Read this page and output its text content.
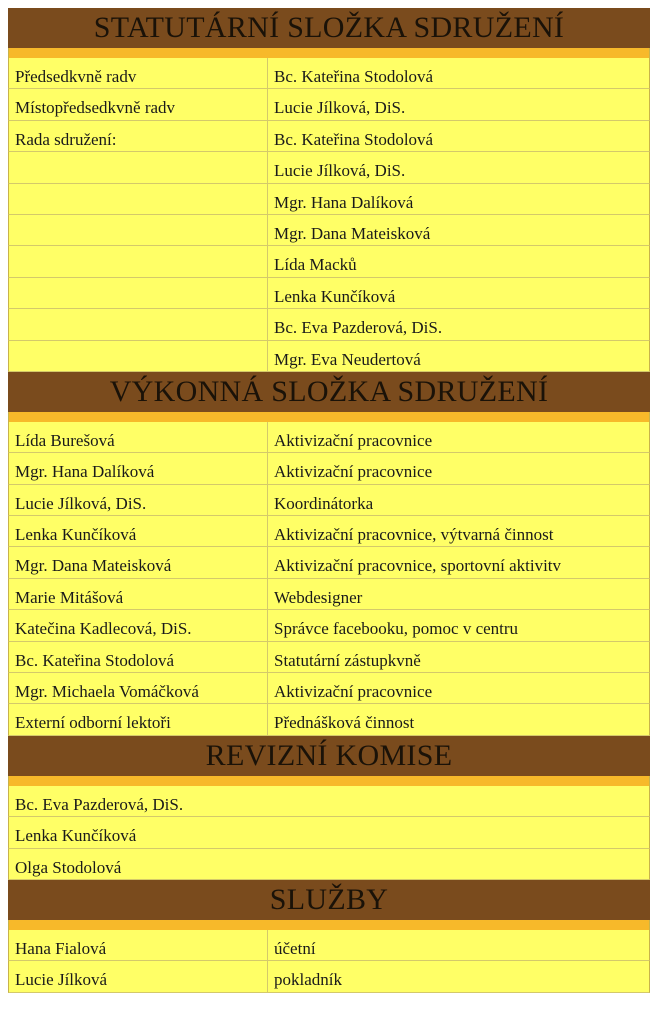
STATUTÁRNÍ SLOŽKA SDRUŽENÍ
Předsedkvně radv	Bc. Kateřina Stodolová
Místopředsedkvně radv	Lucie Jílková, DiS.
Rada sdružení:	Bc. Kateřina Stodolová
Lucie Jílková, DiS.
Mgr. Hana Dalíková
Mgr. Dana Mateisková
Lída Macků
Lenka Kunčíková
Bc. Eva Pazderová, DiS.
Mgr. Eva Neudertová
VÝKONNÁ SLOŽKA SDRUŽENÍ
Lída Burešová	Aktivizační pracovnice
Mgr. Hana Dalíková	Aktivizační pracovnice
Lucie Jílková, DiS.	Koordinátorka
Lenka Kunčíková	Aktivizační pracovnice, výtvarná činnost
Mgr. Dana Mateisková	Aktivizační pracovnice, sportovní aktivitv
Marie Mitášová	Webdesigner
Katečina Kadlecová, DiS.	Správce facebooku, pomoc v centru
Bc. Kateřina Stodolová	Statutární zástupkvně
Mgr. Michaela Vomáčková	Aktivizační pracovnice
Externí odborní lektoři	Přednášková činnost
REVIZNÍ KOMISE
Bc. Eva Pazderová, DiS.
Lenka Kunčíková
Olga Stodolová
SLUŽBY
Hana Fialová	účetní
Lucie Jílková	pokladník
